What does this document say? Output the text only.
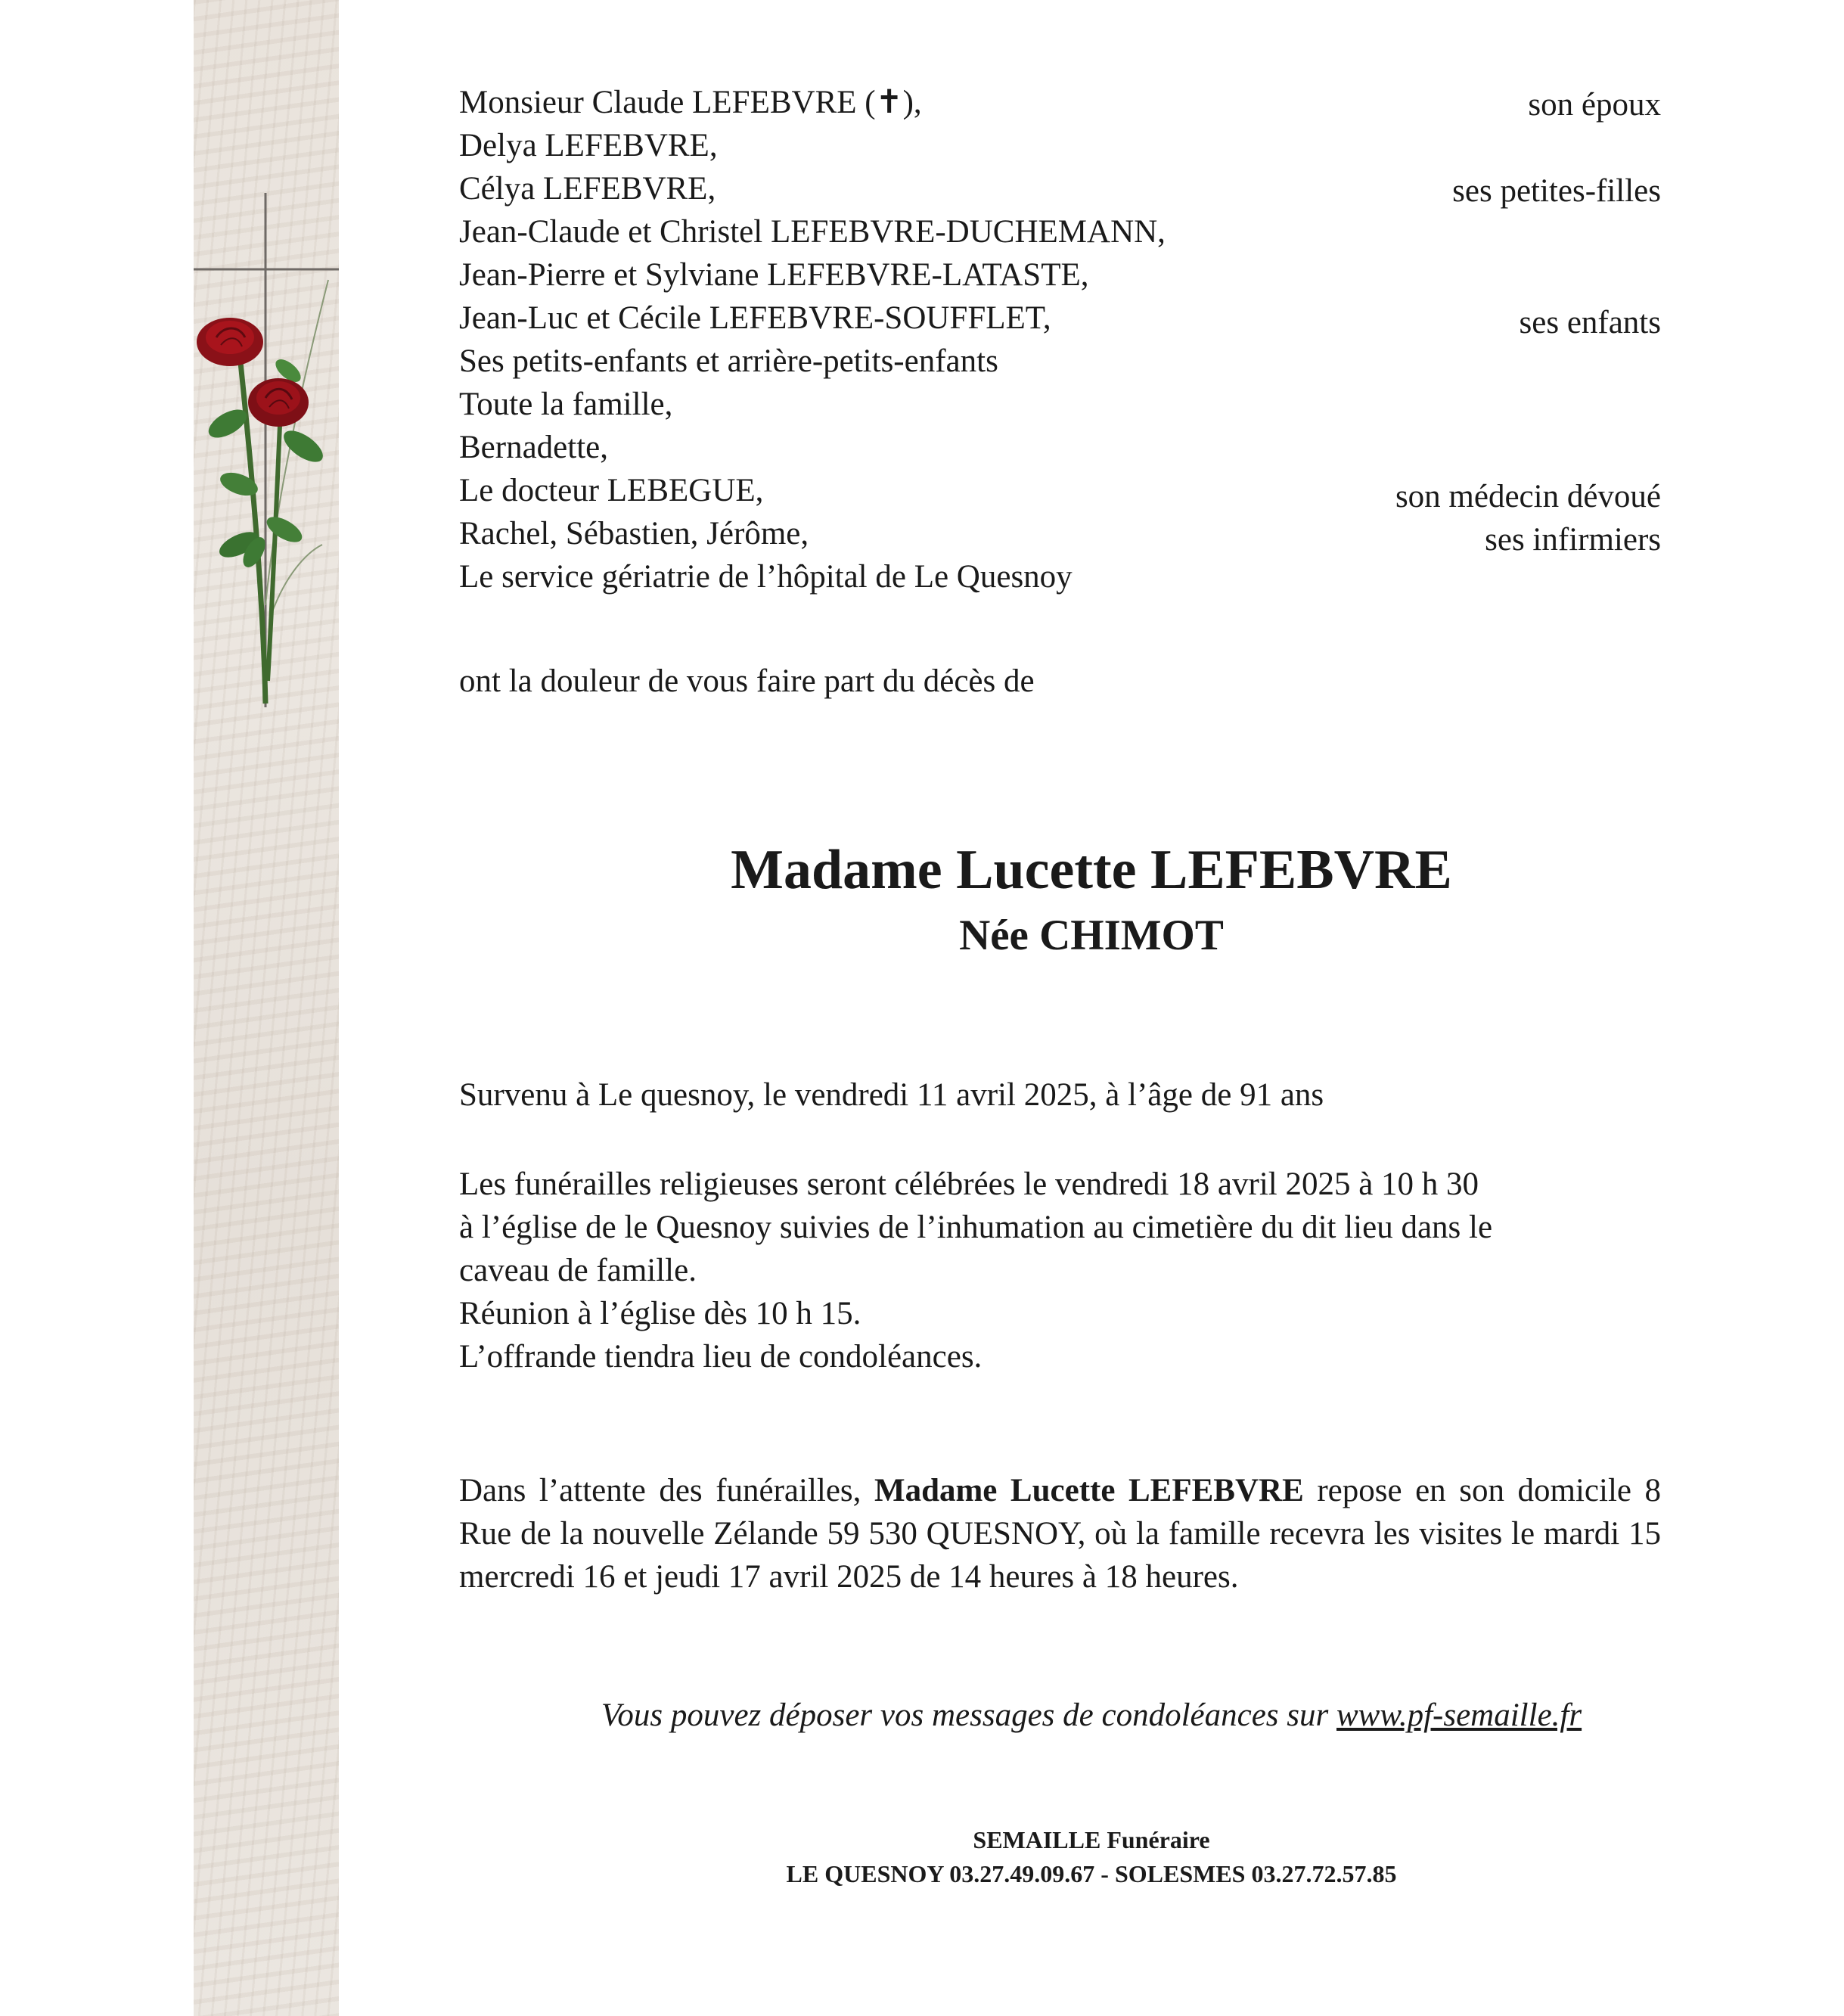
Monsieur Claude LEFEBVRE (✝),
Delya LEFEBVRE,
Célya LEFEBVRE,
Jean-Claude et Christel LEFEBVRE-DUCHEMANN,
Jean-Pierre et Sylviane LEFEBVRE-LATASTE,
Jean-Luc et Cécile LEFEBVRE-SOUFFLET,
Ses petits-enfants et arrière-petits-enfants
Toute la famille,
Bernadette,
Le docteur LEBEGUE,
Rachel, Sébastien, Jérôme,
Le service gériatrie de l’hôpital de Le Quesnoy
son époux
ses petites-filles
ses enfants
son médecin dévoué
ses infirmiers
ont la douleur de vous faire part du décès de
Madame Lucette LEFEBVRE
Née CHIMOT
Survenu à Le quesnoy, le vendredi 11 avril 2025, à l’âge de 91 ans
Les funérailles religieuses seront célébrées le vendredi 18 avril 2025 à 10 h 30
à l’église de le Quesnoy suivies de l’inhumation au cimetière du dit lieu dans le
caveau de famille.
Réunion à l’église dès 10 h 15.
L’offrande tiendra lieu de condoléances.
Dans l’attente des funérailles, Madame Lucette LEFEBVRE repose en son domicile 8 Rue de la nouvelle Zélande 59 530 QUESNOY, où la famille recevra les visites le mardi 15 mercredi 16 et jeudi 17 avril 2025 de 14 heures à 18 heures.
Vous pouvez déposer vos messages de condoléances sur www.pf-semaille.fr
SEMAILLE Funéraire
LE QUESNOY 03.27.49.09.67 - SOLESMES 03.27.72.57.85
